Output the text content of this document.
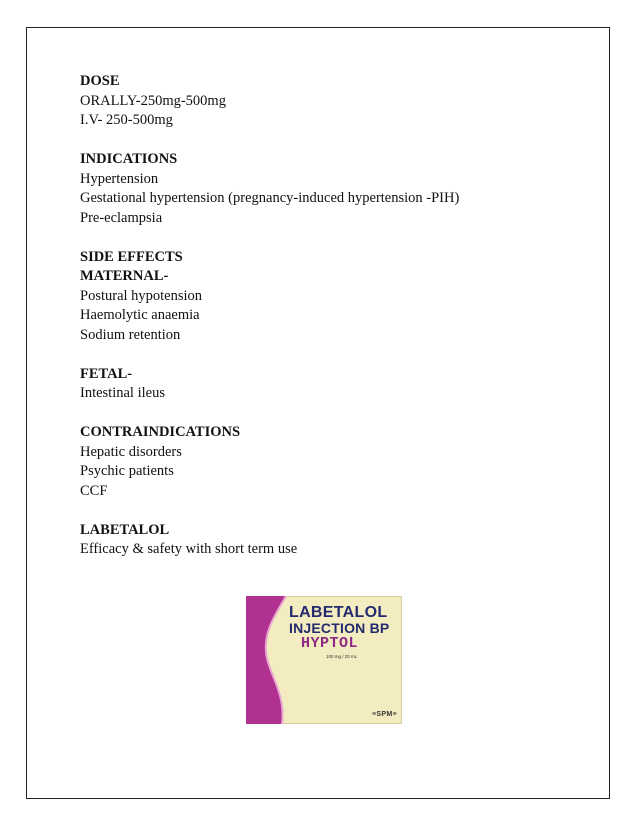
DOSE
ORALLY-250mg-500mg
I.V- 250-500mg
INDICATIONS
Hypertension
Gestational hypertension (pregnancy-induced hypertension -PIH)
Pre-eclampsia
SIDE EFFECTS
MATERNAL-
Postural hypotension
Haemolytic anaemia
Sodium retention
FETAL-
Intestinal ileus
CONTRAINDICATIONS
Hepatic disorders
Psychic patients
CCF
LABETALOL
Efficacy & safety with short term use
LABETALOL
INJECTION BP
HYPTOL
100 mg / 20 mL
≡SPM≡
